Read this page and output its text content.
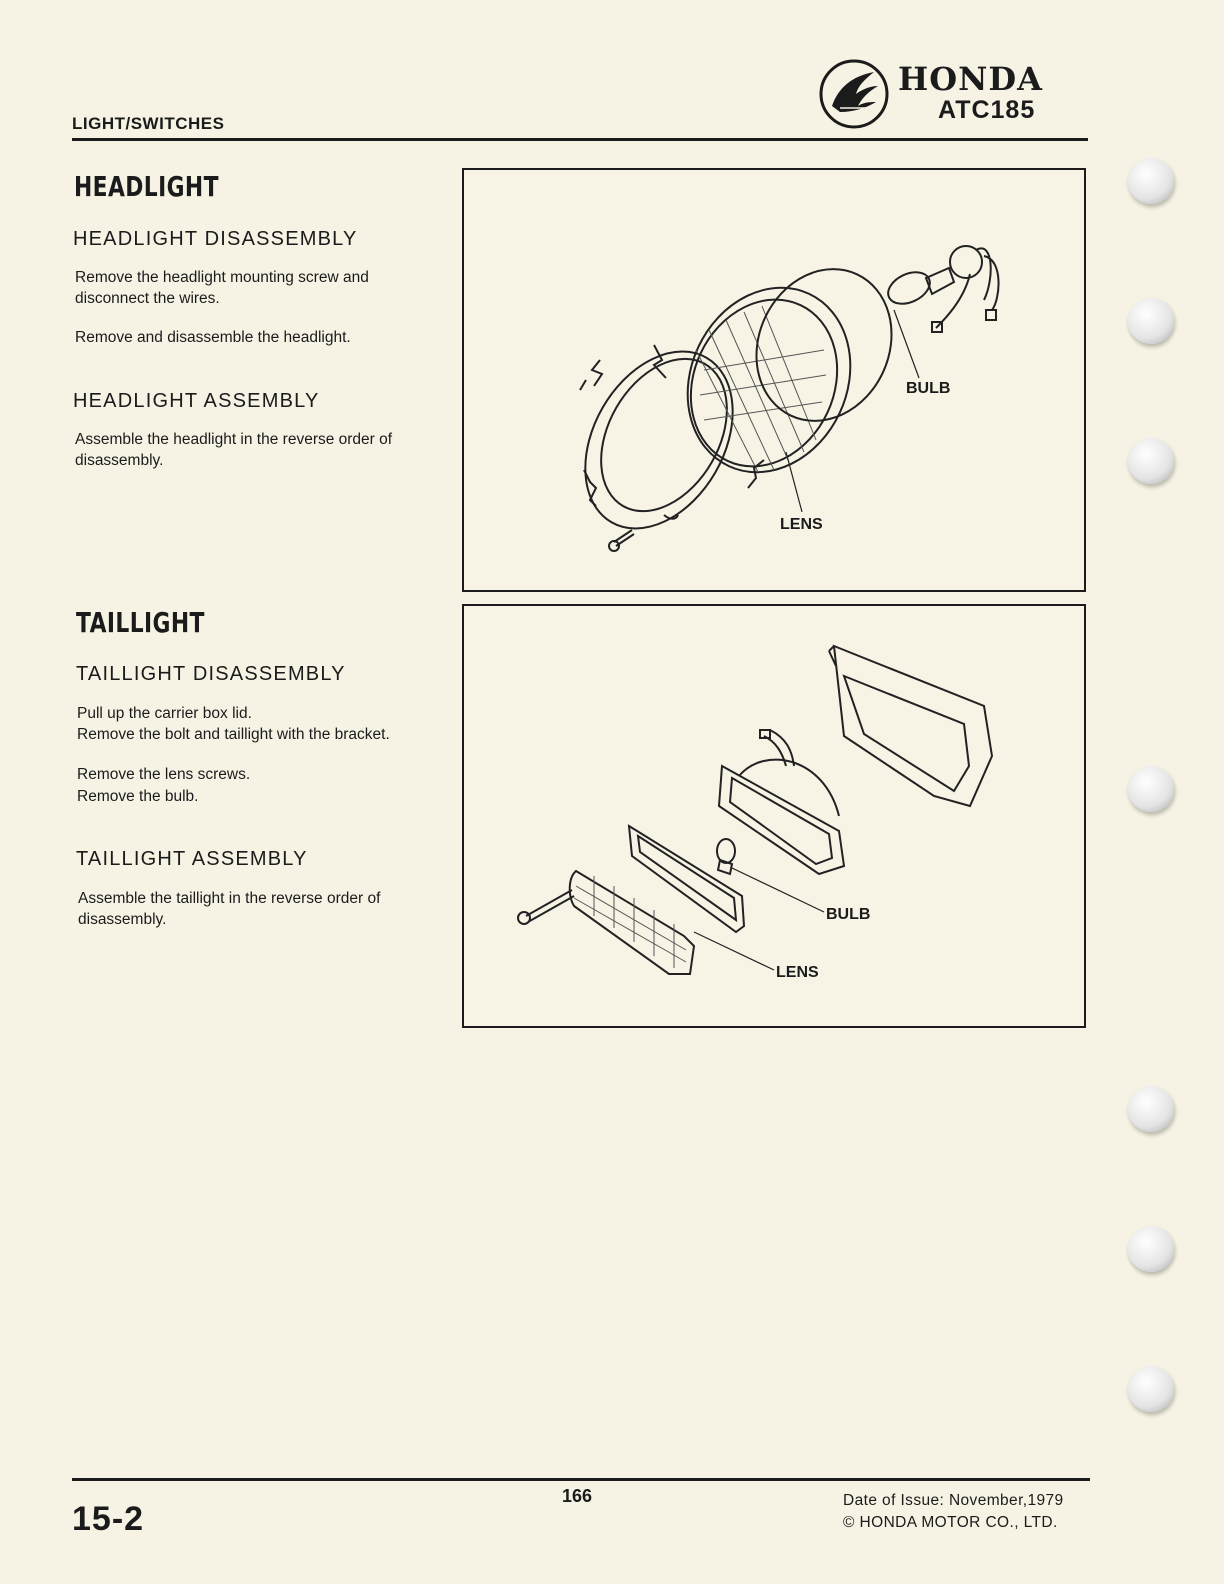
LIGHT/SWITCHES
HONDA
ATC185
HEADLIGHT
HEADLIGHT DISASSEMBLY
Remove the headlight mounting screw and disconnect the wires.
Remove and disassemble the headlight.
HEADLIGHT ASSEMBLY
Assemble the headlight in the reverse order of disassembly.
BULB
LENS
TAILLIGHT
TAILLIGHT DISASSEMBLY
Pull up the carrier box lid.
Remove the bolt and taillight with the bracket.
Remove the lens screws.
Remove the bulb.
TAILLIGHT ASSEMBLY
Assemble the taillight in the reverse order of disassembly.	BULB
LENS
15-2
166	Date of Issue: November,1979
© HONDA MOTOR CO., LTD.
